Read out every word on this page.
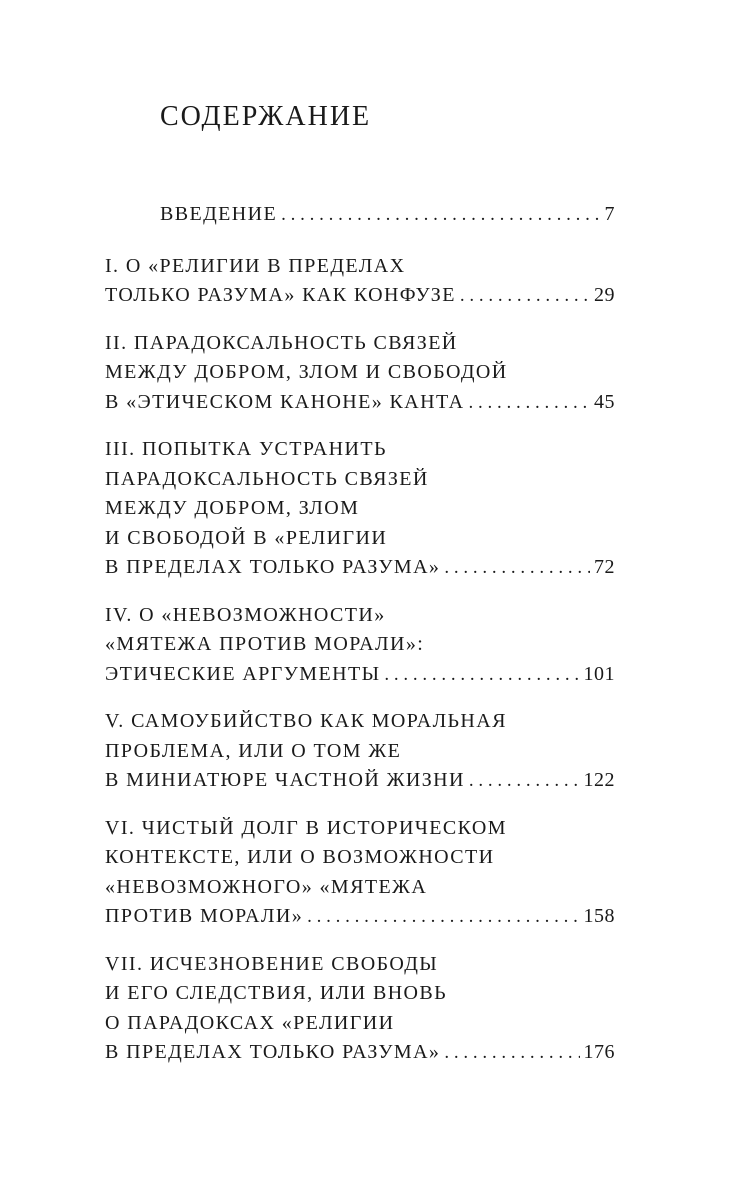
СОДЕРЖАНИЕ
ВВЕДЕНИЕ . . .	7
I. О «РЕЛИГИИ В ПРЕДЕЛАХ
ТОЛЬКО РАЗУМА» КАК КОНФУЗЕ . . .	29
II. ПАРАДОКСАЛЬНОСТЬ СВЯЗЕЙ
МЕЖДУ ДОБРОМ, ЗЛОМ И СВОБОДОЙ
В «ЭТИЧЕСКОМ КАНОНЕ» КАНТА . . .	45
III. ПОПЫТКА УСТРАНИТЬ
ПАРАДОКСАЛЬНОСТЬ СВЯЗЕЙ
МЕЖДУ ДОБРОМ, ЗЛОМ
И СВОБОДОЙ В «РЕЛИГИИ
В ПРЕДЕЛАХ ТОЛЬКО РАЗУМА» . . .	72
IV. О «НЕВОЗМОЖНОСТИ»
«МЯТЕЖА ПРОТИВ МОРАЛИ»:
ЭТИЧЕСКИЕ АРГУМЕНТЫ . . .	101
V. САМОУБИЙСТВО КАК МОРАЛЬНАЯ
ПРОБЛЕМА, ИЛИ О ТОМ ЖЕ
В МИНИАТЮРЕ ЧАСТНОЙ ЖИЗНИ . . .	122
VI. ЧИСТЫЙ ДОЛГ В ИСТОРИЧЕСКОМ
КОНТЕКСТЕ, ИЛИ О ВОЗМОЖНОСТИ
«НЕВОЗМОЖНОГО» «МЯТЕЖА
ПРОТИВ МОРАЛИ» . . .	158
VII. ИСЧЕЗНОВЕНИЕ СВОБОДЫ
И ЕГО СЛЕДСТВИЯ, ИЛИ ВНОВЬ
О ПАРАДОКСАХ «РЕЛИГИИ
В ПРЕДЕЛАХ ТОЛЬКО РАЗУМА» . . .	176
